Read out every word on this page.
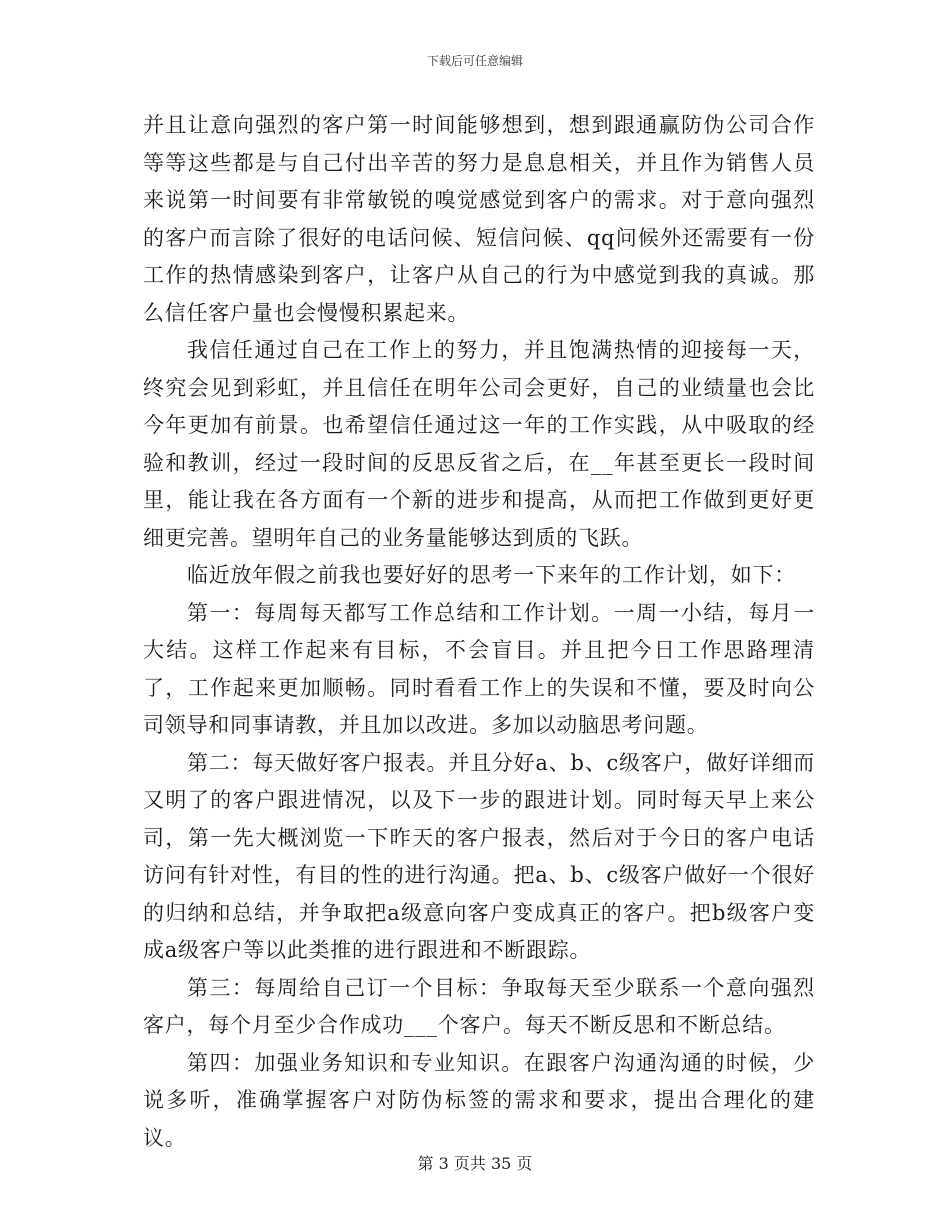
下载后可任意编辑

并且让意向强烈的客户第一时间能够想到，想到跟通赢防伪公司合作等等这些都是与自己付出辛苦的努力是息息相关，并且作为销售人员来说第一时间要有非常敏锐的嗅觉感觉到客户的需求。对于意向强烈的客户而言除了很好的电话问候、短信问候、qq问候外还需要有一份工作的热情感染到客户，让客户从自己的行为中感觉到我的真诚。那么信任客户量也会慢慢积累起来。

我信任通过自己在工作上的努力，并且饱满热情的迎接每一天，终究会见到彩虹，并且信任在明年公司会更好，自己的业绩量也会比今年更加有前景。也希望信任通过这一年的工作实践，从中吸取的经验和教训，经过一段时间的反思反省之后，在__年甚至更长一段时间里，能让我在各方面有一个新的进步和提高，从而把工作做到更好更细更完善。望明年自己的业务量能够达到质的飞跃。

临近放年假之前我也要好好的思考一下来年的工作计划，如下：

第一：每周每天都写工作总结和工作计划。一周一小结，每月一大结。这样工作起来有目标，不会盲目。并且把今日工作思路理清了，工作起来更加顺畅。同时看看工作上的失误和不懂，要及时向公司领导和同事请教，并且加以改进。多加以动脑思考问题。

第二：每天做好客户报表。并且分好a、b、c级客户，做好详细而又明了的客户跟进情况，以及下一步的跟进计划。同时每天早上来公司，第一先大概浏览一下昨天的客户报表，然后对于今日的客户电话访问有针对性，有目的性的进行沟通。把a、b、c级客户做好一个很好的归纳和总结，并争取把a级意向客户变成真正的客户。把b级客户变成a级客户等以此类推的进行跟进和不断跟踪。

第三：每周给自己订一个目标：争取每天至少联系一个意向强烈客户，每个月至少合作成功___个客户。每天不断反思和不断总结。

第四：加强业务知识和专业知识。在跟客户沟通沟通的时候，少说多听，准确掌握客户对防伪标签的需求和要求，提出合理化的建议。

第 3 页共 35 页
